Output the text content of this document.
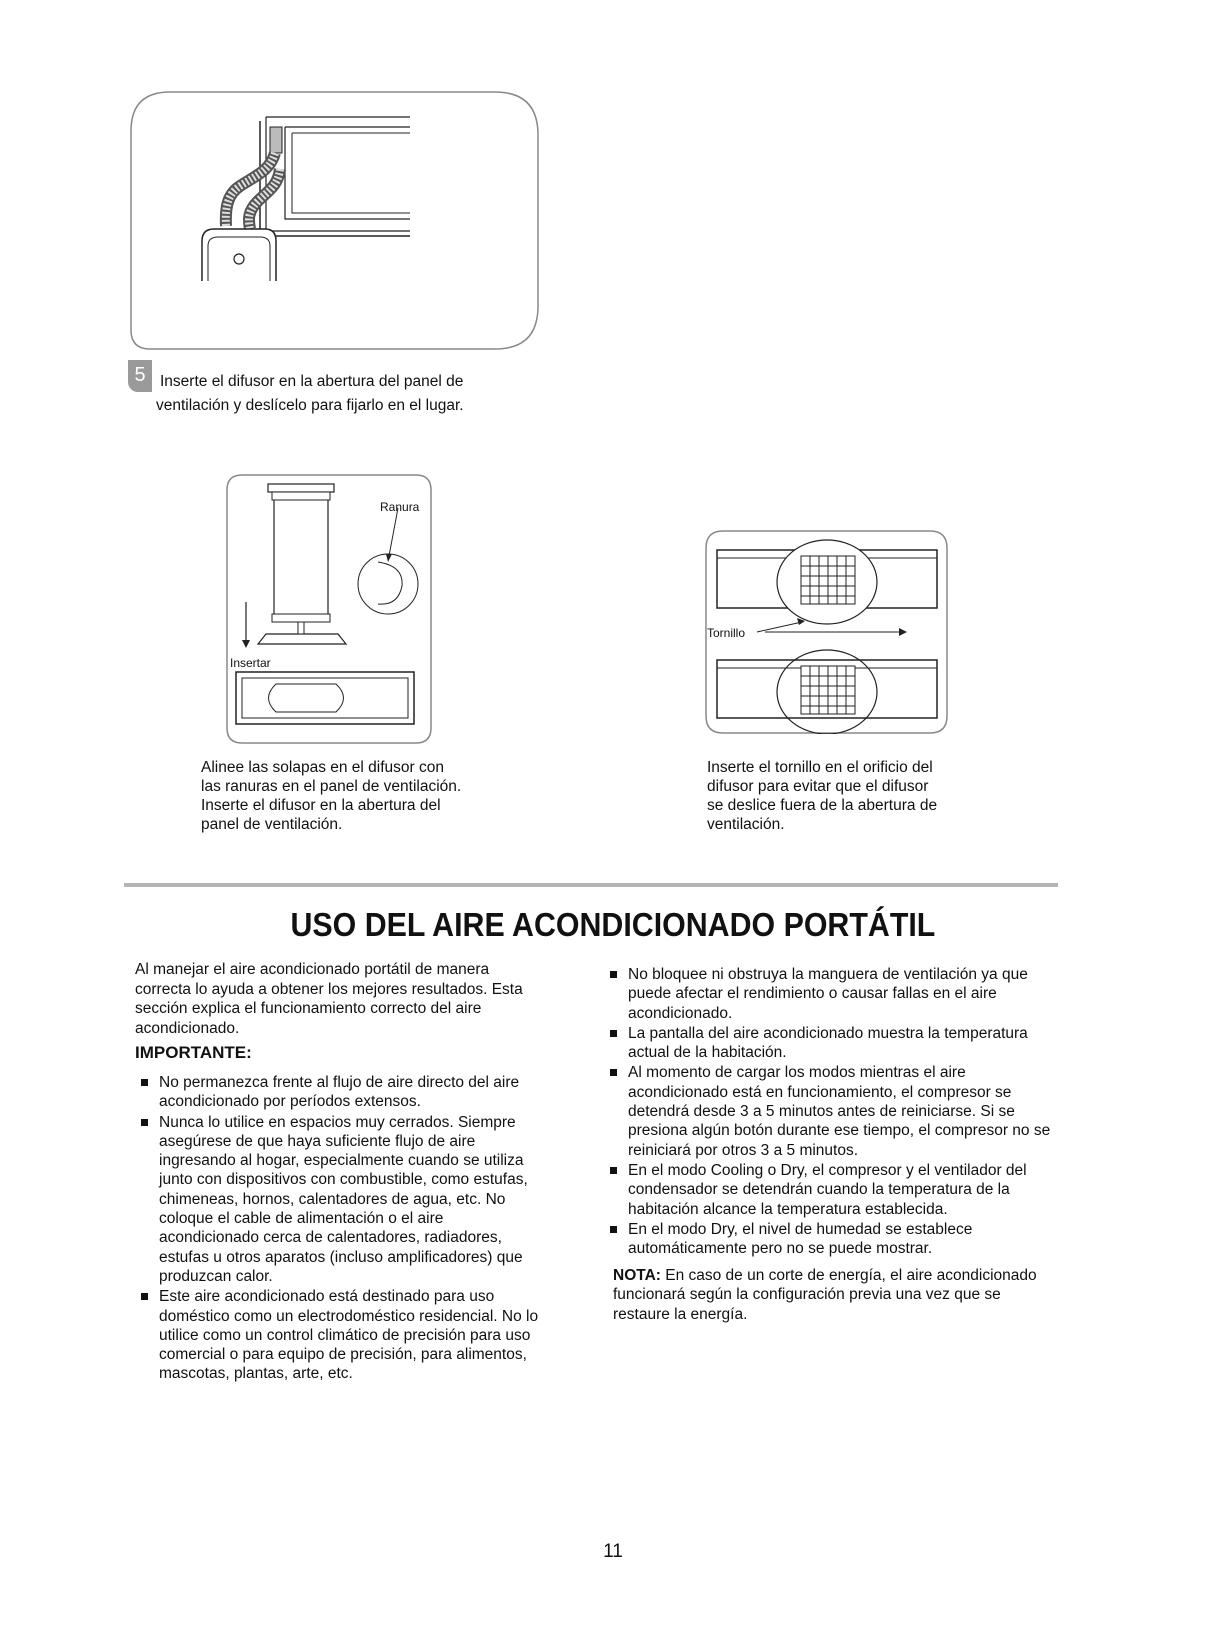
5 Inserte el difusor en la abertura del panel de
ventilación y deslícelo para fijarlo en el lugar.
Ranura
Insertar
Alinee las solapas en el difusor con las ranuras en el panel de ventilación. Inserte el difusor en la abertura del panel de ventilación.
Tornillo
Inserte el tornillo en el orificio del difusor para evitar que el difusor se deslice fuera de la abertura de ventilación.
USO DEL AIRE ACONDICIONADO PORTÁTIL
Al manejar el aire acondicionado portátil de manera correcta lo ayuda a obtener los mejores resultados. Esta sección explica el funcionamiento correcto del aire acondicionado.
IMPORTANTE:
No permanezca frente al flujo de aire directo del aire acondicionado por períodos extensos.
Nunca lo utilice en espacios muy cerrados. Siempre asegúrese de que haya suficiente flujo de aire ingresando al hogar, especialmente cuando se utiliza junto con dispositivos con combustible, como estufas, chimeneas, hornos, calentadores de agua, etc. No coloque el cable de alimentación o el aire acondicionado cerca de calentadores, radiadores, estufas u otros aparatos (incluso amplificadores) que produzcan calor.
Este aire acondicionado está destinado para uso doméstico como un electrodoméstico residencial. No lo utilice como un control climático de precisión para uso comercial o para equipo de precisión, para alimentos, mascotas, plantas, arte, etc.
No bloquee ni obstruya la manguera de ventilación ya que puede afectar el rendimiento o causar fallas en el aire acondicionado.
La pantalla del aire acondicionado muestra la temperatura actual de la habitación.
Al momento de cargar los modos mientras el aire acondicionado está en funcionamiento, el compresor se detendrá desde 3 a 5 minutos antes de reiniciarse. Si se presiona algún botón durante ese tiempo, el compresor no se reiniciará por otros 3 a 5 minutos.
En el modo Cooling o Dry, el compresor y el ventilador del condensador se detendrán cuando la temperatura de la habitación alcance la temperatura establecida.
En el modo Dry, el nivel de humedad se establece automáticamente pero no se puede mostrar.
NOTA: En caso de un corte de energía, el aire acondicionado funcionará según la configuración previa una vez que se restaure la energía.
11
